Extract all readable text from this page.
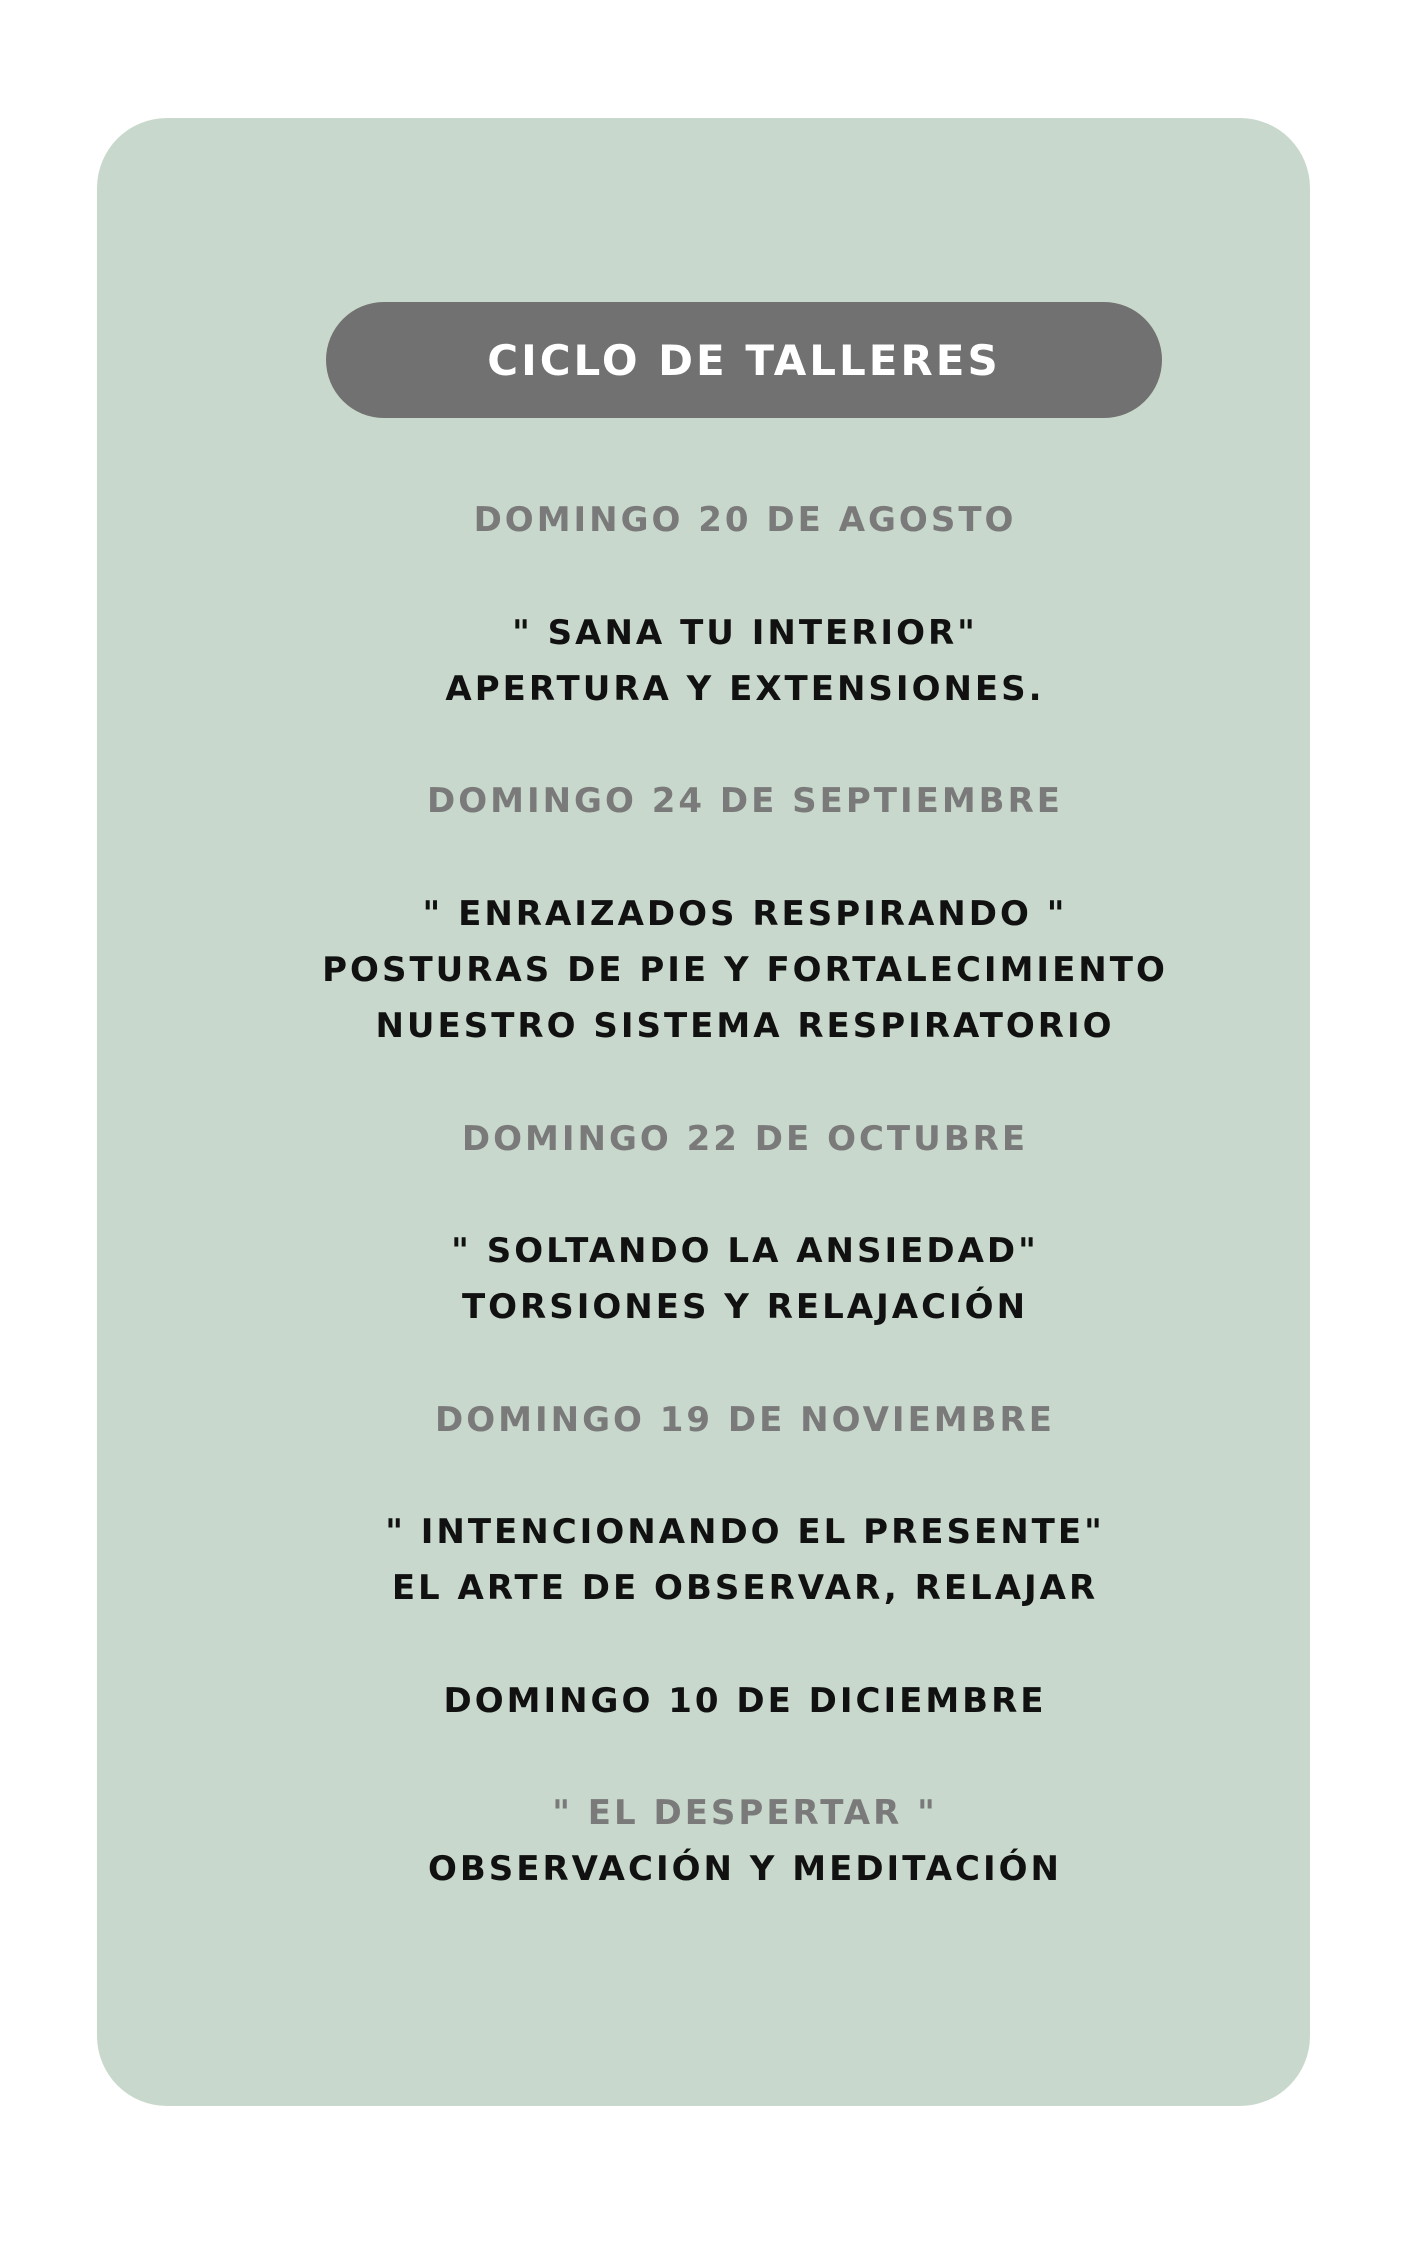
CICLO DE TALLERES
DOMINGO 20 DE AGOSTO
" SANA TU INTERIOR"
APERTURA Y EXTENSIONES.
DOMINGO 24 DE SEPTIEMBRE
" ENRAIZADOS RESPIRANDO "
POSTURAS DE PIE Y FORTALECIMIENTO
NUESTRO SISTEMA RESPIRATORIO
DOMINGO 22 DE OCTUBRE
" SOLTANDO LA ANSIEDAD"
TORSIONES Y RELAJACIÓN
DOMINGO 19 DE NOVIEMBRE
" INTENCIONANDO EL PRESENTE"
EL ARTE DE OBSERVAR, RELAJAR
DOMINGO 10 DE DICIEMBRE
" EL DESPERTAR "
OBSERVACIÓN Y MEDITACIÓN
